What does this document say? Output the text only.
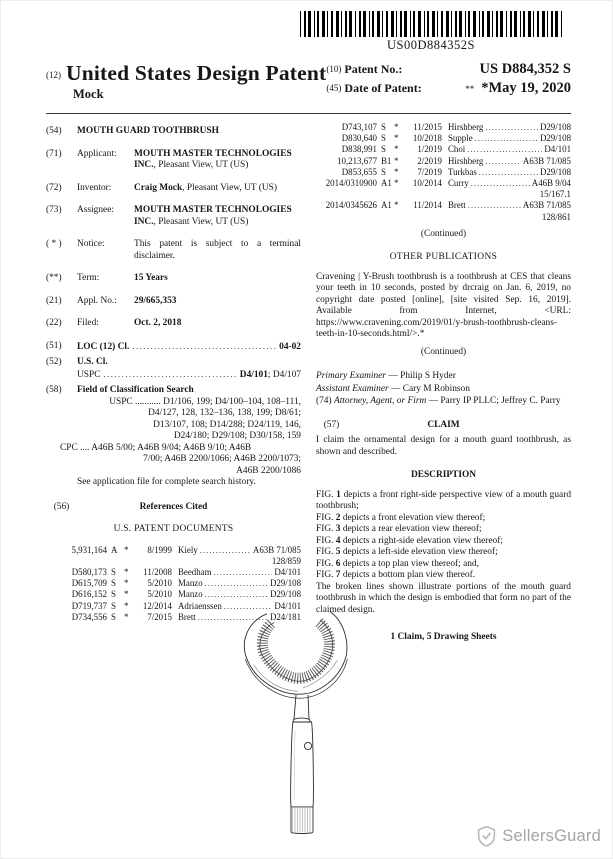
US00D884352S
(12) United States Design Patent
Mock
(10) Patent No.:	US D884,352 S
(45) Date of Patent:	** *May 19, 2020
(54)	MOUTH GUARD TOOTHBRUSH
(71)	Applicant:	MOUTH MASTER TECHNOLOGIES INC., Pleasant View, UT (US)
(72)	Inventor:	Craig Mock, Pleasant View, UT (US)
(73)	Assignee:	MOUTH MASTER TECHNOLOGIES INC., Pleasant View, UT (US)
( * )	Notice:	This patent is subject to a terminal disclaimer.
(**)	Term:	15 Years
(21)	Appl. No.:	29/665,353
(22)	Filed:	Oct. 2, 2018
(51)	LOC (12) Cl. .....	04-02
(52)	U.S. Cl.
USPC .....	D4/101; D4/107
(58)	Field of Classification Search
USPC ........... D1/106, 199; D4/100–104, 108–111,
D4/127, 128, 132–136, 138, 199; D8/61;
D13/107, 108; D14/288; D24/119, 146,
D24/180; D29/108; D30/158, 159
CPC .... A46B 5/00; A46B 9/04; A46B 9/10; A46B
7/00; A46B 2200/1066; A46B 2200/1073;
A46B 2200/1086
See application file for complete search history.
(56)	References Cited
U.S. PATENT DOCUMENTS
5,931,164 A *	8/1999 Kiely .....	A63B 71/085
128/859
D580,173 S *	11/2008 Beedham .....	D4/101
D615,709 S *	5/2010 Manzo .....	D29/108
D616,152 S *	5/2010 Manzo .....	D29/108
D719,737 S *	12/2014 Adriaenssen .....	D4/101
D734,556 S *	7/2015 Brett .....	D24/181
D743,107 S *	11/2015 Hirshberg .....	D29/108
D830,640 S *	10/2018 Supple .....	D29/108
D838,991 S *	1/2019 Choi .....	D4/101
10,213,677 B1 *	2/2019 Hirshberg .....	A63B 71/085
D853,655 S *	7/2019 Turkbas .....	D29/108
2014/0310900 A1 *	10/2014 Curry .....	A46B 9/04
15/167.1
2014/0345626 A1 *	11/2014 Brett .....	A63B 71/085
128/861
(Continued)
OTHER PUBLICATIONS
Cravening | Y-Brush toothbrush is a toothbrush at CES that cleans your teeth in 10 seconds, posted by drcraig on Jan. 6, 2019, no copyright date posted [online], [site visited Sep. 16, 2019]. Available from Internet, <URL: https://www.cravening.com/2019/01/y-brush-toothbrush-cleans-teeth-in-10-seconds.html/>.*
(Continued)
Primary Examiner — Philip S Hyder
Assistant Examiner — Cary M Robinson
(74) Attorney, Agent, or Firm — Parry IP PLLC; Jeffrey C. Parry
(57)	CLAIM
I claim the ornamental design for a mouth guard toothbrush, as shown and described.
DESCRIPTION
FIG. 1 depicts a front right-side perspective view of a mouth guard toothbrush;
FIG. 2 depicts a front elevation view thereof;
FIG. 3 depicts a rear elevation view thereof;
FIG. 4 depicts a right-side elevation view thereof;
FIG. 5 depicts a left-side elevation view thereof;
FIG. 6 depicts a top plan view thereof; and,
FIG. 7 depicts a bottom plan view thereof.
The broken lines shown illustrate portions of the mouth guard toothbrush in which the design is embodied that form no part of the claimed design.
1 Claim, 5 Drawing Sheets
SellersGuard
